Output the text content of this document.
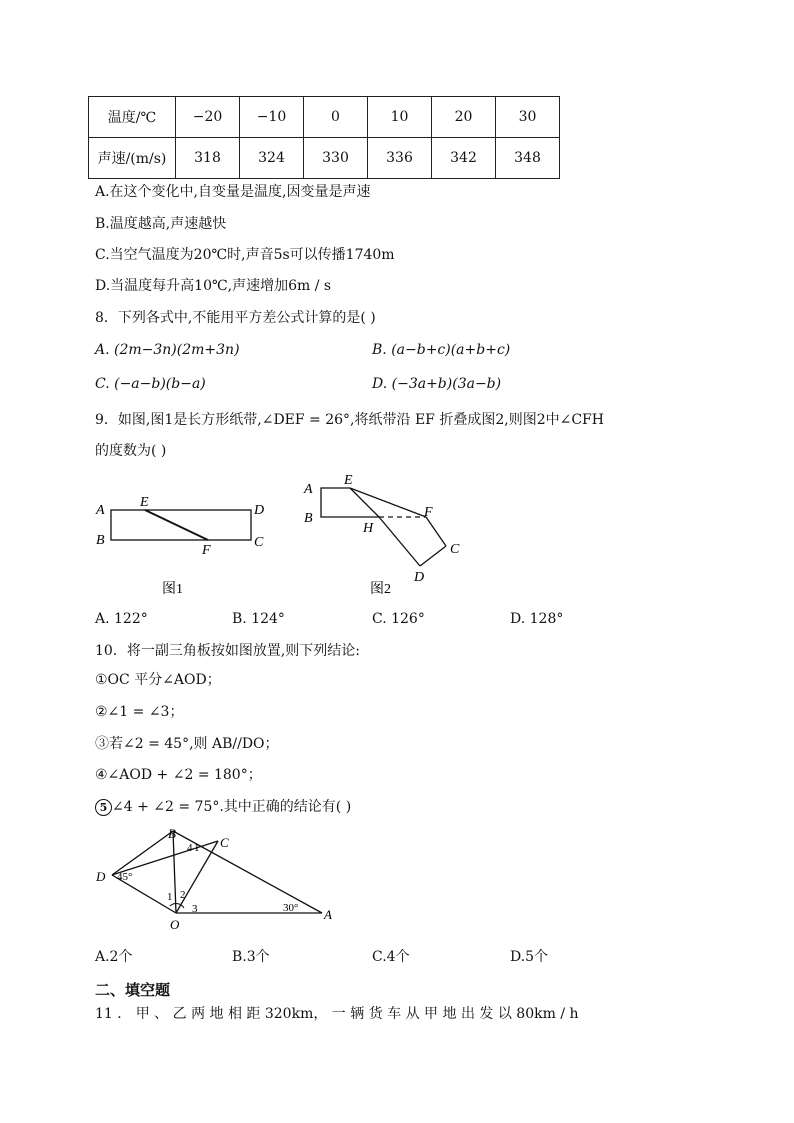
温度/℃	−20	−10	0	10	20	30
声速/(m/s)	318	324	330	336	342	348
A.在这个变化中,自变量是温度,因变量是声速
B.温度越高,声速越快
C.当空气温度为20℃时,声音5s可以传播1740m
D.当温度每升高10℃,声速增加6m / s
8．下列各式中,不能用平方差公式计算的是( )
A. (2m−3n)(2m+3n)	B. (a−b+c)(a+b+c)
C. (−a−b)(b−a)	D. (−3a+b)(3a−b)
9．如图,图1是长方形纸带,∠DEF = 26°,将纸带沿 EF 折叠成图2,则图2中∠CFH
的度数为( )
A
B
E
D
C
F
图1
A
B
E
H
F
C
D
图2
A. 122°	B. 124°	C. 126°	D. 128°
10．将一副三角板按如图放置,则下列结论:
①OC 平分∠AOD；
②∠1 = ∠3；
③若∠2 = 45°,则 AB//DO；
④∠AOD + ∠2 = 180°；
5 ∠4 + ∠2 = 75°.其中正确的结论有( )
B
C
D
O
A
45°
30°
4 1
1 2
3
A.2个	B.3个	C.4个	D.5个
二、填空题
11 ． 甲 、 乙 两 地 相 距 320km， 一 辆 货 车 从 甲 地 出 发 以 80km / h
